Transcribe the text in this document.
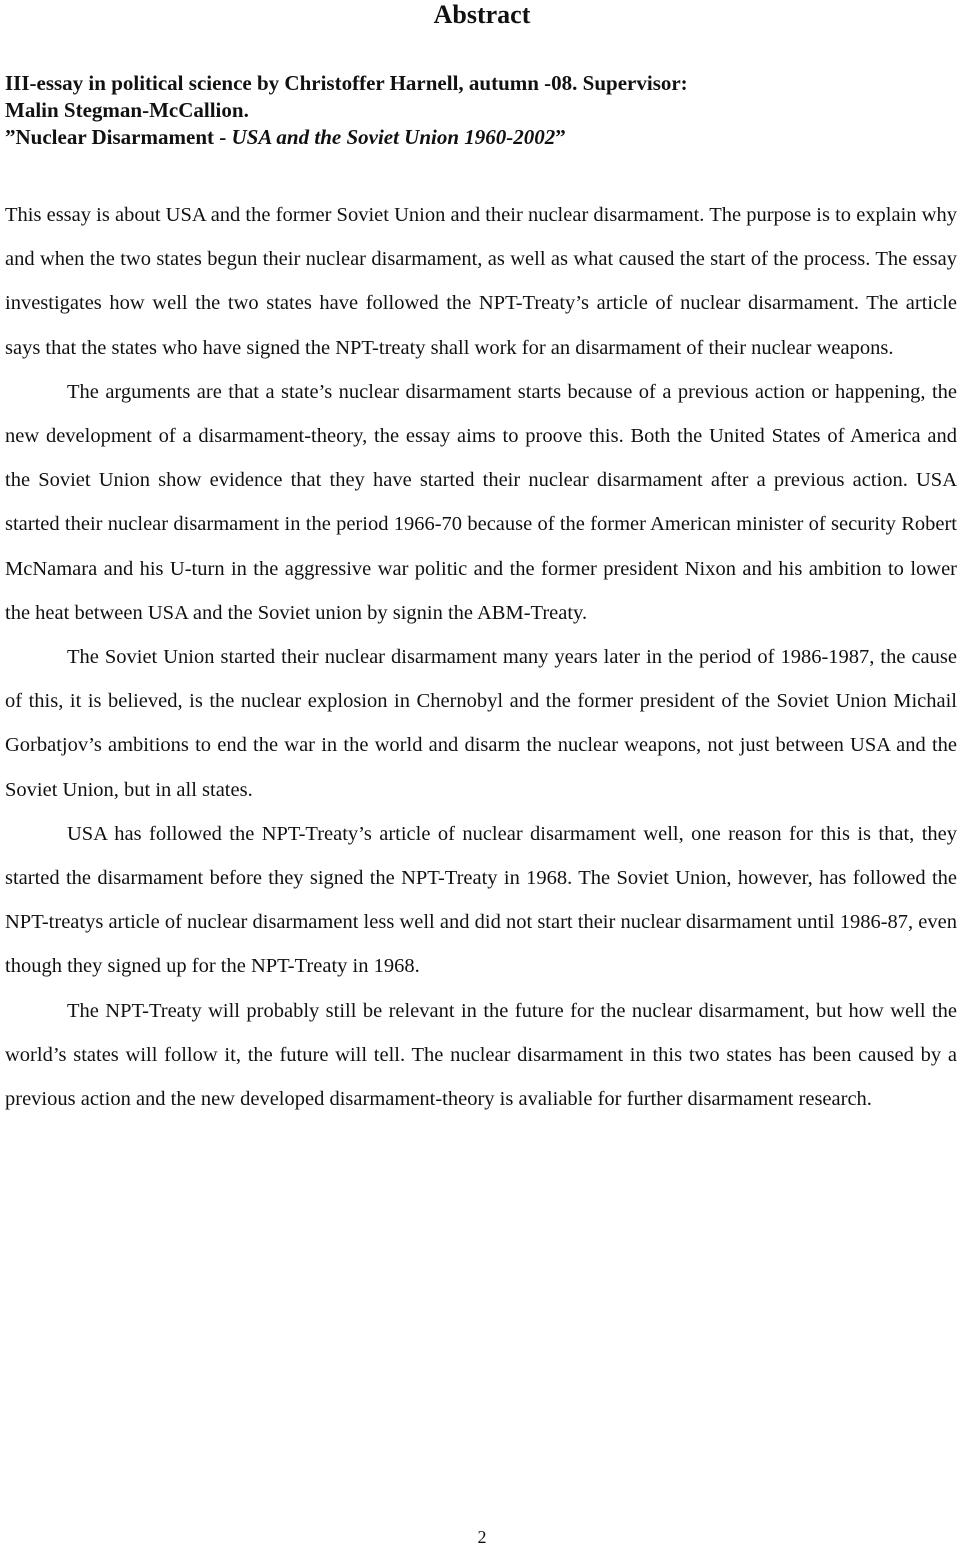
Abstract
III-essay in political science by Christoffer Harnell, autumn -08. Supervisor:
Malin Stegman-McCallion.
”Nuclear Disarmament - USA and the Soviet Union 1960-2002”

This essay is about USA and the former Soviet Union and their nuclear disarmament. The purpose is to explain why and when the two states begun their nuclear disarmament, as well as what caused the start of the process. The essay investigates how well the two states have followed the NPT-Treaty’s article of nuclear disarmament. The article says that the states who have signed the NPT-treaty shall work for an disarmament of their nuclear weapons.

The arguments are that a state’s nuclear disarmament starts because of a previous action or happening, the new development of a disarmament-theory, the essay aims to proove this. Both the United States of America and the Soviet Union show evidence that they have started their nuclear disarmament after a previous action. USA started their nuclear disarmament in the period 1966-70 because of the former American minister of security Robert McNamara and his U-turn in the aggressive war politic and the former president Nixon and his ambition to lower the heat between USA and the Soviet union by signin the ABM-Treaty.

The Soviet Union started their nuclear disarmament many years later in the period of 1986-1987, the cause of this, it is believed, is the nuclear explosion in Chernobyl and the former president of the Soviet Union Michail Gorbatjov’s ambitions to end the war in the world and disarm the nuclear weapons, not just between USA and the Soviet Union, but in all states.

USA has followed the NPT-Treaty’s article of nuclear disarmament well, one reason for this is that, they started the disarmament before they signed the NPT-Treaty in 1968. The Soviet Union, however, has followed the NPT-treatys article of nuclear disarmament less well and did not start their nuclear disarmament until 1986-87, even though they signed up for the NPT-Treaty in 1968.

The NPT-Treaty will probably still be relevant in the future for the nuclear disarmament, but how well the world’s states will follow it, the future will tell. The nuclear disarmament in this two states has been caused by a previous action and the new developed disarmament-theory is avaliable for further disarmament research.

2
